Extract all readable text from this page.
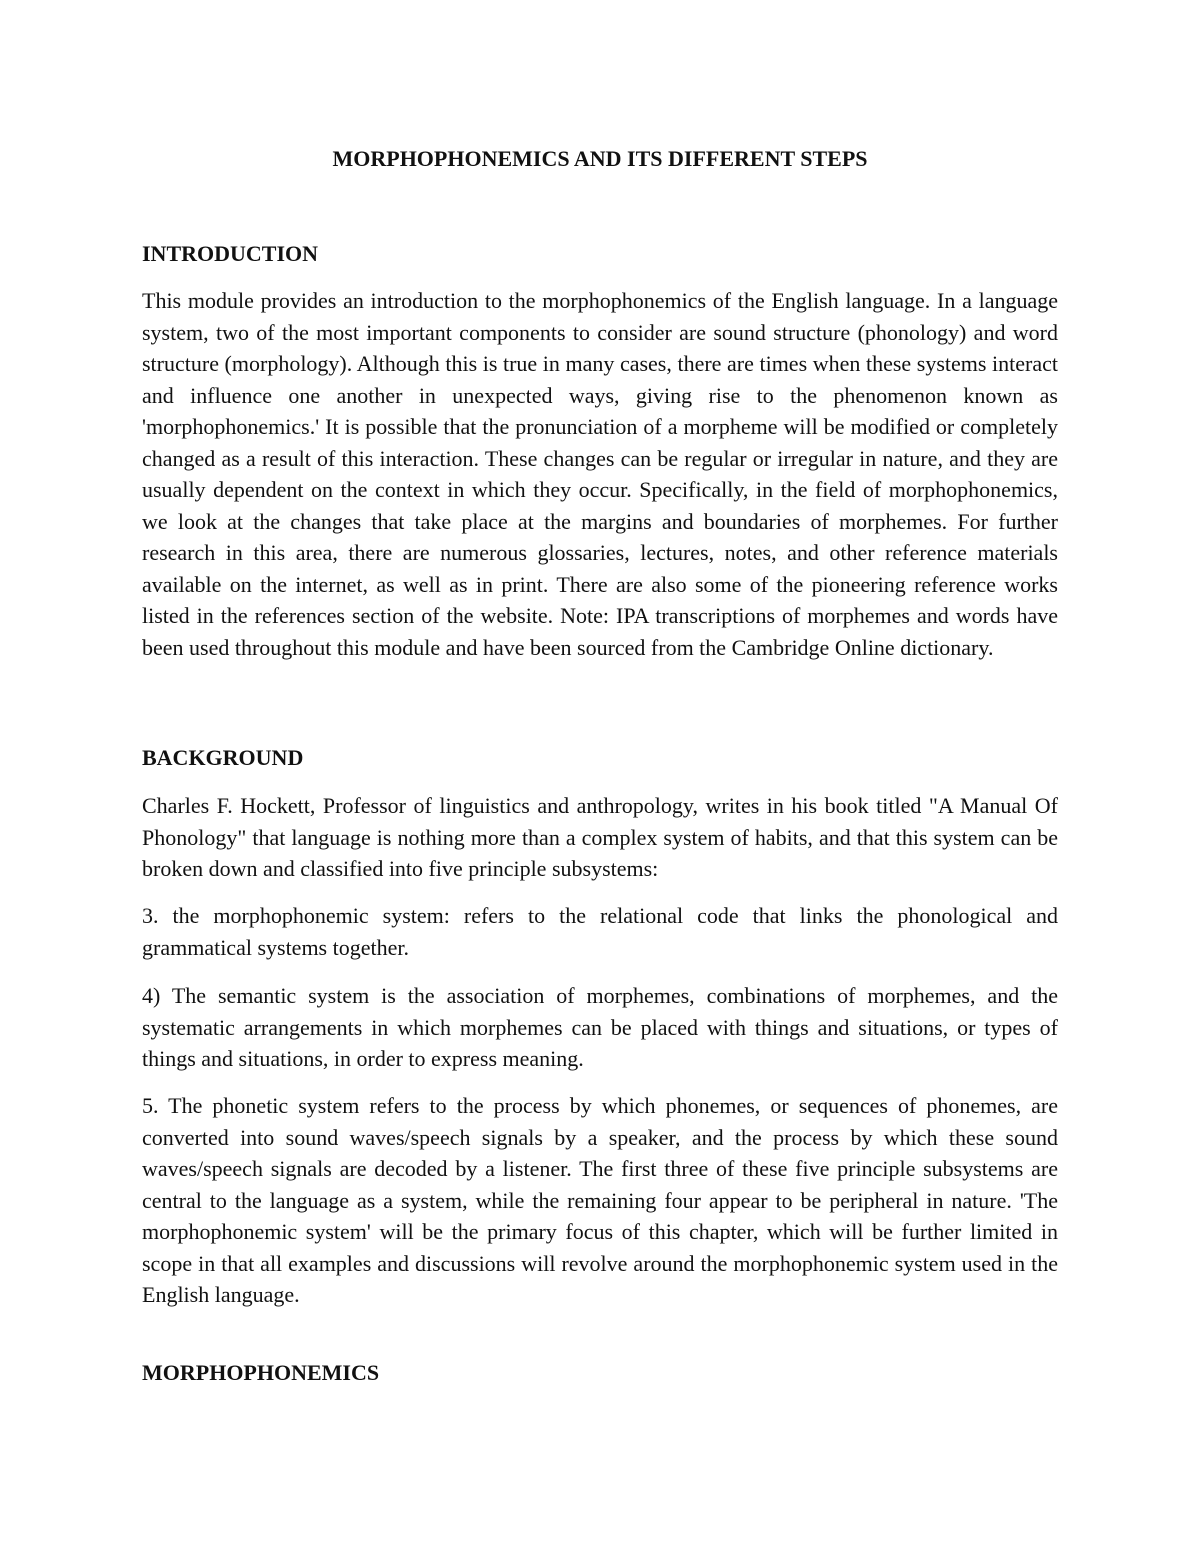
MORPHOPHONEMICS AND ITS DIFFERENT STEPS
INTRODUCTION

This module provides an introduction to the morphophonemics of the English language. In a language system, two of the most important components to consider are sound structure (phonology) and word structure (morphology). Although this is true in many cases, there are times when these systems interact and influence one another in unexpected ways, giving rise to the phenomenon known as 'morphophonemics.' It is possible that the pronunciation of a morpheme will be modified or completely changed as a result of this interaction. These changes can be regular or irregular in nature, and they are usually dependent on the context in which they occur. Specifically, in the field of morphophonemics, we look at the changes that take place at the margins and boundaries of morphemes. For further research in this area, there are numerous glossaries, lectures, notes, and other reference materials available on the internet, as well as in print. There are also some of the pioneering reference works listed in the references section of the website. Note: IPA transcriptions of morphemes and words have been used throughout this module and have been sourced from the Cambridge Online dictionary.

BACKGROUND

Charles F. Hockett, Professor of linguistics and anthropology, writes in his book titled "A Manual Of Phonology" that language is nothing more than a complex system of habits, and that this system can be broken down and classified into five principle subsystems:

3. the morphophonemic system: refers to the relational code that links the phonological and grammatical systems together.

4) The semantic system is the association of morphemes, combinations of morphemes, and the systematic arrangements in which morphemes can be placed with things and situations, or types of things and situations, in order to express meaning.

5. The phonetic system refers to the process by which phonemes, or sequences of phonemes, are converted into sound waves/speech signals by a speaker, and the process by which these sound waves/speech signals are decoded by a listener. The first three of these five principle subsystems are central to the language as a system, while the remaining four appear to be peripheral in nature. 'The morphophonemic system' will be the primary focus of this chapter, which will be further limited in scope in that all examples and discussions will revolve around the morphophonemic system used in the English language.

MORPHOPHONEMICS
